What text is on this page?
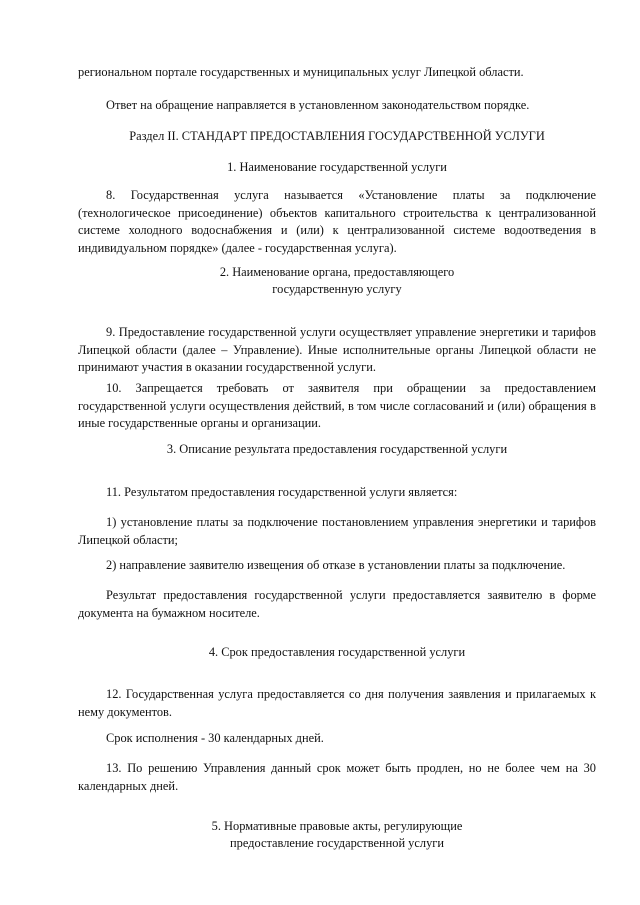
региональном портале государственных и муниципальных услуг Липецкой области.

Ответ на обращение направляется в установленном законодательством порядке.

Раздел II. СТАНДАРТ ПРЕДОСТАВЛЕНИЯ ГОСУДАРСТВЕННОЙ УСЛУГИ

1. Наименование государственной услуги

8. Государственная услуга называется «Установление платы за подключение (технологическое присоединение) объектов капитального строительства к централизованной системе холодного водоснабжения и (или) к централизованной системе водоотведения в индивидуальном порядке» (далее - государственная услуга).

2. Наименование органа, предоставляющего

государственную услугу

9. Предоставление государственной услуги осуществляет управление энергетики и тарифов Липецкой области (далее – Управление). Иные исполнительные органы Липецкой области не принимают участия в оказании государственной услуги.

10. Запрещается требовать от заявителя при обращении за предоставлением государственной услуги осуществления действий, в том числе согласований и (или) обращения в иные государственные органы и организации.

3. Описание результата предоставления государственной услуги

11. Результатом предоставления государственной услуги является:

1) установление платы за подключение постановлением управления энергетики и тарифов Липецкой области;

2) направление заявителю извещения об отказе в установлении платы за подключение.

Результат предоставления государственной услуги предоставляется заявителю в форме документа на бумажном носителе.

4. Срок предоставления государственной услуги

12. Государственная услуга предоставляется со дня получения заявления и прилагаемых к нему документов.

Срок исполнения - 30 календарных дней.

13. По решению Управления данный срок может быть продлен, но не более чем на 30 календарных дней.

5. Нормативные правовые акты, регулирующие

предоставление государственной услуги
